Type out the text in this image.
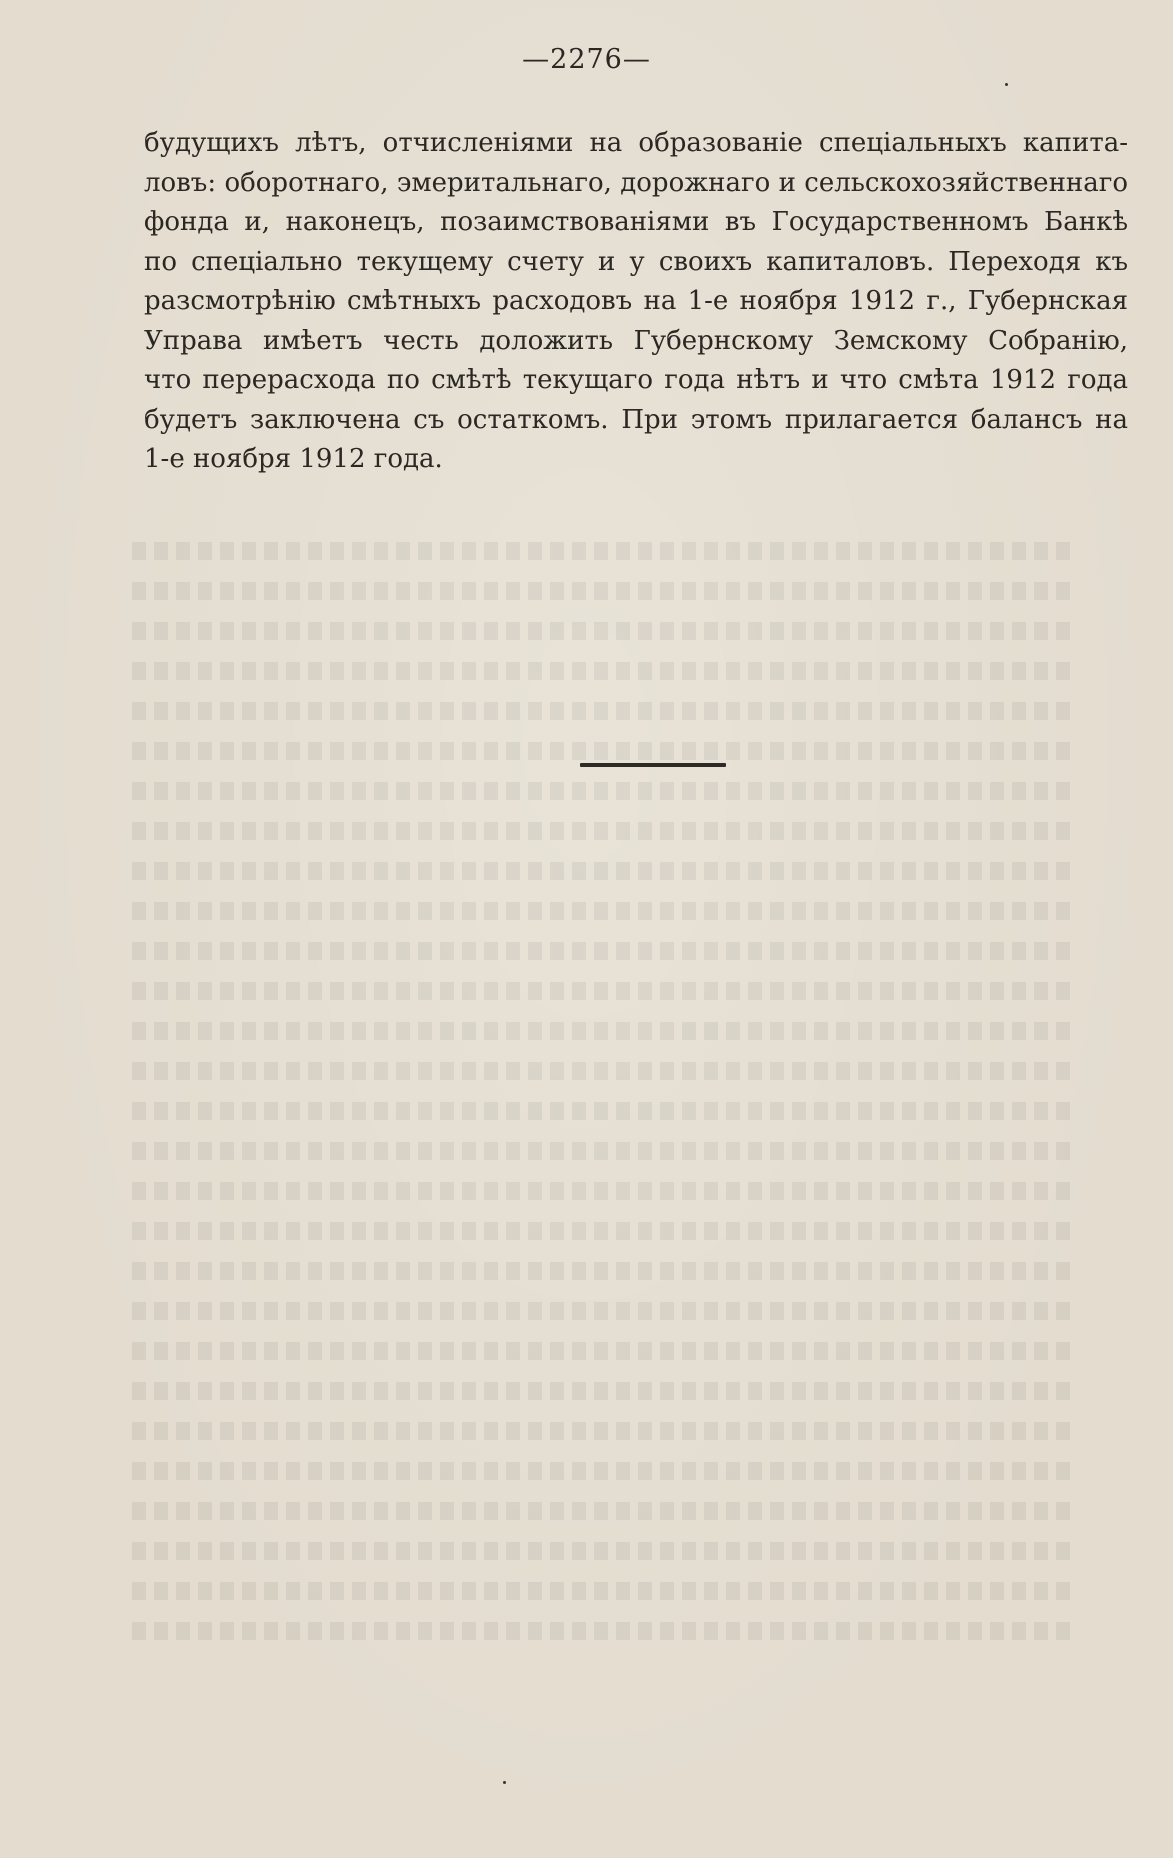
—2276—
будущихъ лѣтъ, отчисленіями на образованіе спеціальныхъ капита-
ловъ: оборотнаго, эмеритальнаго, дорожнаго и сельскохозяйственнаго
фонда и, наконецъ, позаимствованіями въ Государственномъ Банкѣ
по спеціально текущему счету и у своихъ капиталовъ. Переходя къ
разсмотрѣнію смѣтныхъ расходовъ на 1-е ноября 1912 г., Губернская
Управа имѣетъ честь доложить Губернскому Земскому Собранію,
что перерасхода по смѣтѣ текущаго года нѣтъ и что смѣта 1912 года
будетъ заключена съ остаткомъ. При этомъ прилагается балансъ на
1-е ноября 1912 года.
